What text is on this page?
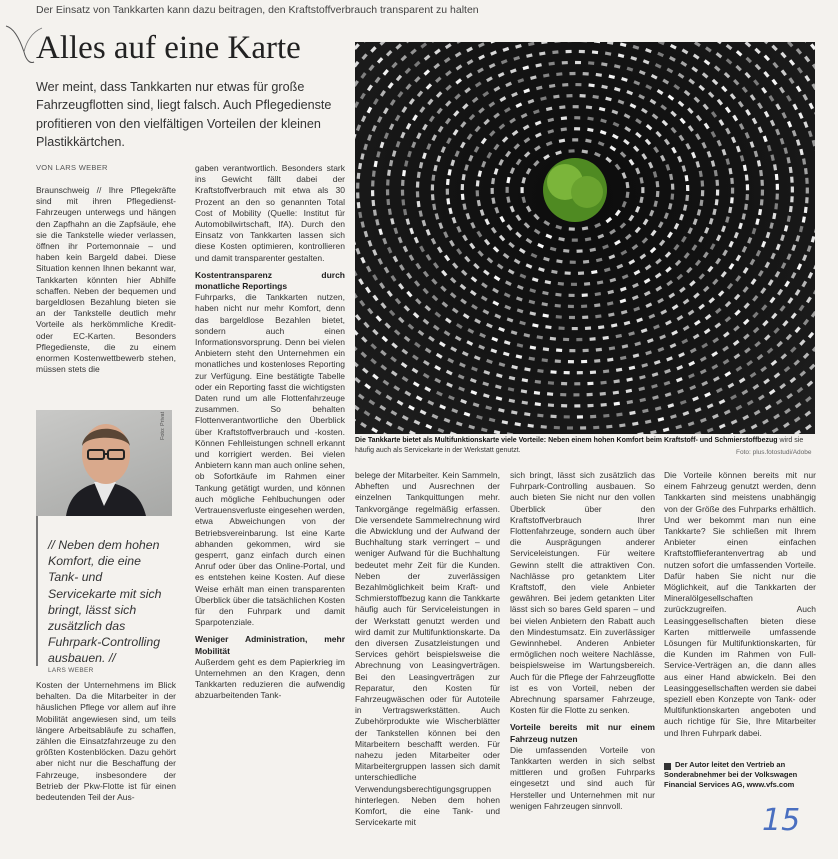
Der Einsatz von Tankkarten kann dazu beitragen, den Kraftstoffverbrauch transparent zu halten
Alles auf eine Karte
Wer meint, dass Tankkarten nur etwas für große Fahrzeugflotten sind, liegt falsch. Auch Pflegedienste profitieren von den vielfältigen Vorteilen der kleinen Plastikkärtchen.
VON LARS WEBER
Braunschweig // Ihre Pflegekräfte sind mit ihren Pflegedienst-Fahrzeugen unterwegs und hängen den Zapfhahn an die Zapfsäule, ehe sie die Tankstelle wieder verlassen, öffnen ihr Portemonnaie – und haben kein Bargeld dabei. Diese Situation kennen Ihnen bekannt war, Tankkarten könnten hier Abhilfe schaffen. Neben der bequemen und bargeldlosen Bezahlung bieten sie an der Tankstelle deutlich mehr Vorteile als herkömmliche Kredit- oder EC-Karten. Besonders Pflegedienste, die zu einem enormen Kostenwettbewerb stehen, müssen stets die
gaben verantwortlich. Besonders stark ins Gewicht fällt dabei der Kraftstoffverbrauch mit etwa als 30 Prozent an den so genannten Total Cost of Mobility (Quelle: Institut für Automobilwirtschaft, IfA). Durch den Einsatz von Tankkarten lassen sich diese Kosten optimieren, kontrollieren und damit transparenter gestalten.
Kostentransparenz durch monatliche Reportings
Fuhrparks, die Tankkarten nutzen, haben nicht nur mehr Komfort, denn das bargeldlose Bezahlen bietet, sondern auch einen Informationsvorsprung. Denn bei vielen Anbietern steht den Unternehmen ein monatliches und kostenloses Reporting zur Verfügung. Eine bestätigte Tabelle oder ein Reporting fasst die wichtigsten Daten rund um alle Flottenfahrzeuge zusammen. So behalten Flottenverantwortliche den Überblick über Kraftstoffverbrauch und -kosten. Können Fehlleistungen schnell erkannt und korrigiert werden. Bei vielen Anbietern kann man auch online sehen, ob Sofortkäufe im Rahmen einer Tankung getätigt wurden, und können auch mögliche Fehlbuchungen oder Vertrauensverluste eingesehen werden, etwa Abweichungen von der Betriebsvereinbarung. Ist eine Karte abhanden gekommen, wird sie gesperrt, ganz einfach durch einen Anruf oder über das Online-Portal, und es entstehen keine Kosten. Auf diese Weise erhält man einen transparenten Überblick über die tatsächlichen Kosten für den Fuhrpark und damit Sparpotenziale.
Weniger Administration, mehr Mobilität
Außerdem geht es dem Papierkrieg im Unternehmen an den Kragen, denn Tankkarten reduzieren die aufwendig abzuarbeitenden Tank-
Die Tankkarte bietet als Multifunktionskarte viele Vorteile: Neben einem hohen Komfort beim Kraftstoff- und Schmierstoffbezug wird sie häufig auch als Servicekarte in der Werkstatt genutzt.	Foto: plus.fotostudi/Adobe
Foto: Privat
// Neben dem hohen Komfort, die eine Tank- und Servicekarte mit sich bringt, lässt sich zusätzlich das Fuhrpark-Controlling ausbauen. //
LARS WEBER
Kosten der Unternehmens im Blick behalten. Da die Mitarbeiter in der häuslichen Pflege vor allem auf ihre Mobilität angewiesen sind, um teils längere Arbeitsabläufe zu schaffen, zählen die Einsatzfahrzeuge zu den größten Kostenblöcken. Dazu gehört aber nicht nur die Beschaffung der Fahrzeuge, insbesondere der Betrieb der Pkw-Flotte ist für einen bedeutenden Teil der Aus-
belege der Mitarbeiter. Kein Sammeln, Abheften und Ausrechnen der einzelnen Tankquittungen mehr. Tankvorgänge regelmäßig erfassen. Die versendete Sammelrechnung wird die Abwicklung und der Aufwand der Buchhaltung stark verringert – und weniger Aufwand für die Buchhaltung bedeutet mehr Zeit für die Kunden. Neben der zuverlässigen Bezahlmöglichkeit beim Kraft- und Schmierstoffbezug kann die Tankkarte häufig auch für Serviceleistungen in der Werkstatt genutzt werden und wird damit zur Multifunktionskarte. Da den diversen Zusatzleistungen und Services gehört beispielsweise die Abrechnung von Leasingverträgen. Bei den Leasingverträgen zur Reparatur, den Kosten für Fahrzeugwäschen oder für Autoteile in Vertragswerkstätten. Auch Zubehörprodukte wie Wischerblätter der Tankstellen können bei den Mitarbeitern beschafft werden. Für nahezu jeden Mitarbeiter oder Mitarbeitergruppen lassen sich damit unterschiedliche Verwendungsberechtigungsgruppen hinterlegen. Neben dem hohen Komfort, die eine Tank- und Servicekarte mit
sich bringt, lässt sich zusätzlich das Fuhrpark-Controlling ausbauen. So auch bieten Sie nicht nur den vollen Überblick über den Kraftstoffverbrauch Ihrer Flottenfahrzeuge, sondern auch über die Ausprägungen anderer Serviceleistungen. Für weitere Gewinn stellt die attraktiven Con. Nachlässe pro getanktem Liter Kraftstoff, den viele Anbieter gewähren. Bei jedem getankten Liter lässt sich so bares Geld sparen – und bei vielen Anbietern den Rabatt auch den Mindestumsatz. Ein zuverlässiger Gewinnhebel. Anderen Anbieter ermöglichen noch weitere Nachlässe, beispielsweise im Wartungsbereich. Auch für die Pflege der Fahrzeugflotte ist es von Vorteil, neben der Abrechnung sparsamer Fahrzeuge, Kosten für die Flotte zu senken.
Vorteile bereits mit nur einem Fahrzeug nutzen
Die umfassenden Vorteile von Tankkarten werden in sich selbst mittleren und großen Fuhrparks eingesetzt und sind auch für Hersteller und Unternehmen mit nur wenigen Fahrzeugen sinnvoll.
Die Vorteile können bereits mit nur einem Fahrzeug genutzt werden, denn Tankkarten sind meistens unabhängig von der Größe des Fuhrparks erhältlich. Und wer bekommt man nun eine Tankkarte? Sie schließen mit Ihrem Anbieter einen einfachen Kraftstofflieferantenvertrag ab und nutzen sofort die umfassenden Vorteile. Dafür haben Sie nicht nur die Möglichkeit, auf die Tankkarten der Mineralölgesellschaften zurückzugreifen. Auch Leasinggesellschaften bieten diese Karten mittlerweile umfassende Lösungen für Multifunktionskarten, für die Kunden im Rahmen von Full-Service-Verträgen an, die dann alles aus einer Hand abwickeln. Bei den Leasinggesellschaften werden sie dabei speziell eben Konzepte von Tank- oder Multifunktionskarten angeboten und auch richtige für Sie, Ihre Mitarbeiter und Ihren Fuhrpark dabei.
Der Autor leitet den Vertrieb an Sonderabnehmer bei der Volkswagen Financial Services AG, www.vfs.com
15
